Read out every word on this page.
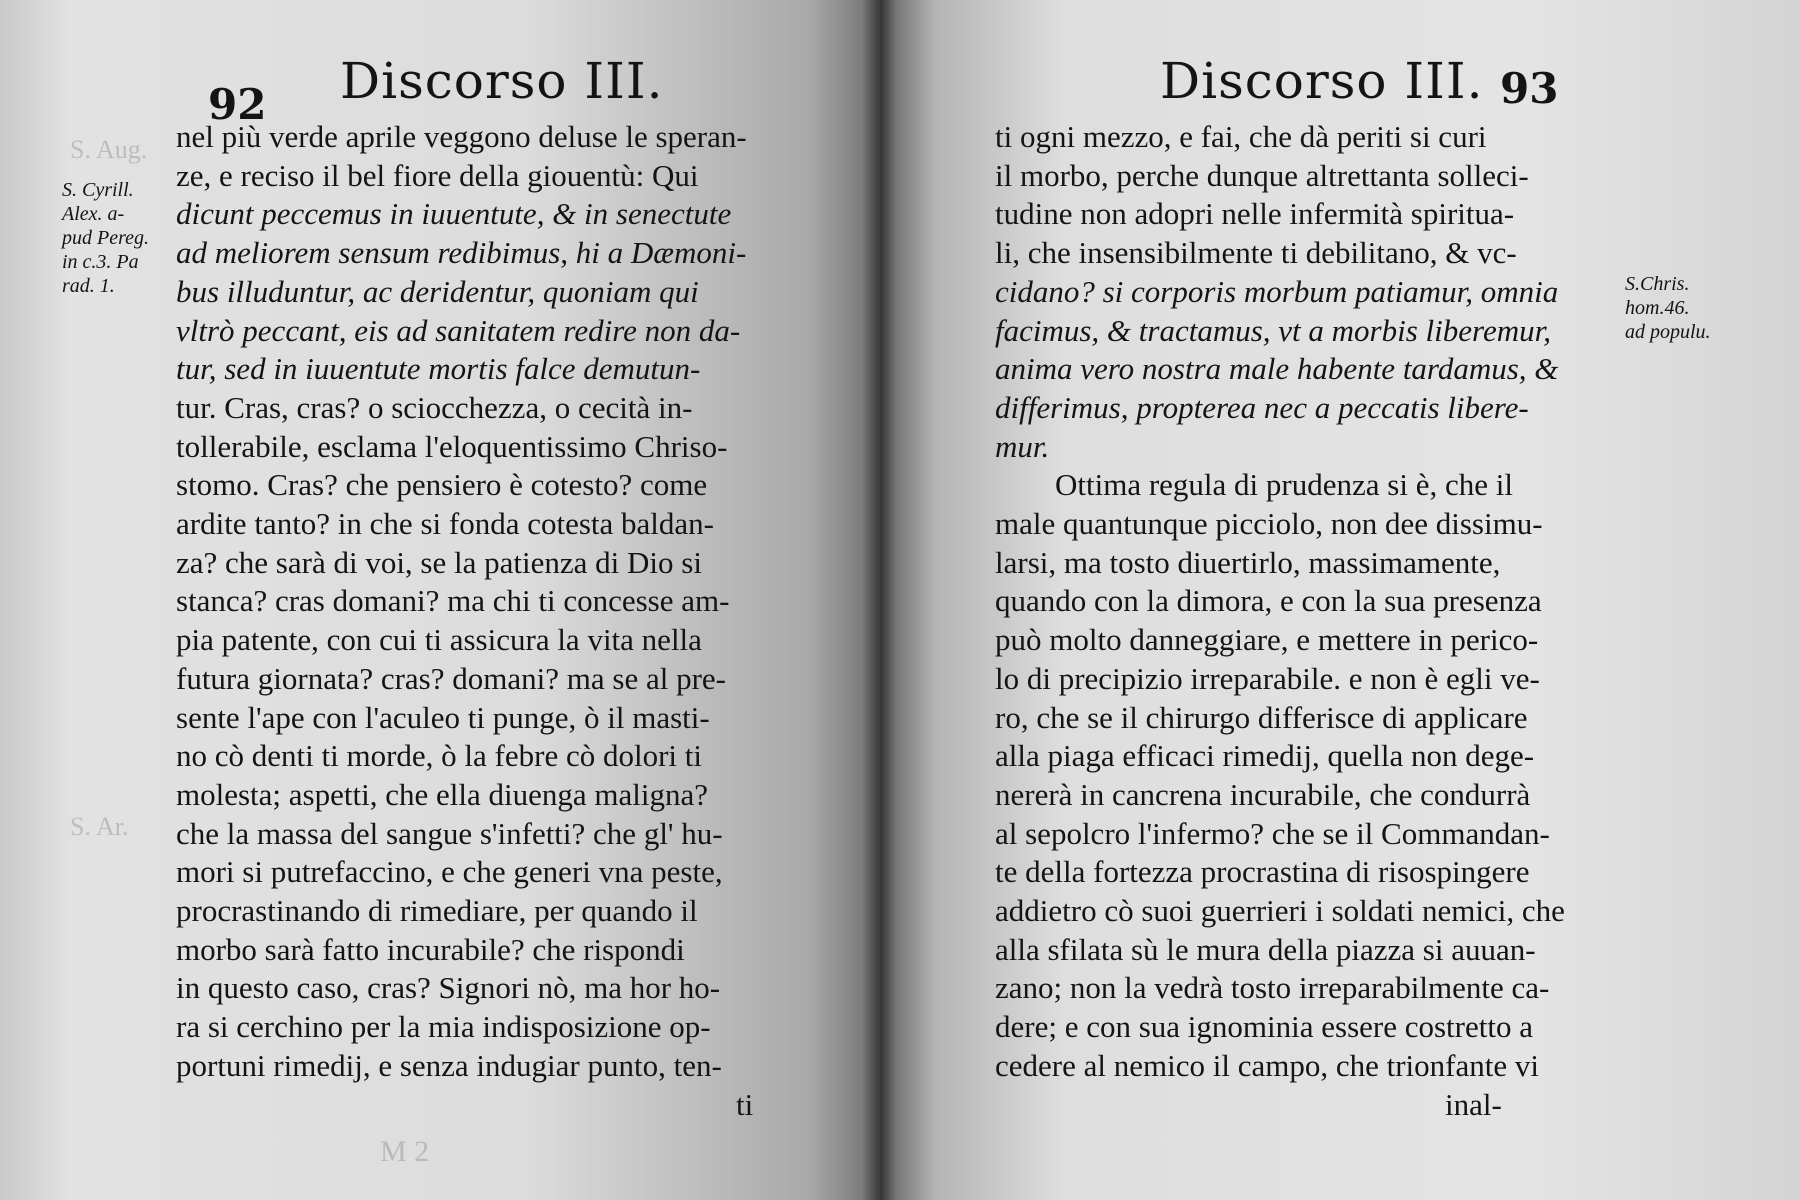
S. Aug.
S. Ar.
92 Discorso III.
S. Cyrill.
Alex. a-
pud Pereg.
in c.3. Pa
rad. 1.
nel più verde aprile veggono deluse le speran-
ze, e reciso il bel fiore della giouentù: Qui
dicunt peccemus in iuuentute, & in senectute
ad meliorem sensum redibimus, hi a Dæmoni-
bus illuduntur, ac deridentur, quoniam qui
vltrò peccant, eis ad sanitatem redire non da-
tur, sed in iuuentute mortis falce demutun-
tur. Cras, cras? o sciocchezza, o cecità in-
tollerabile, esclama l'eloquentissimo Chriso-
stomo. Cras? che pensiero è cotesto? come
ardite tanto? in che si fonda cotesta baldan-
za? che sarà di voi, se la patienza di Dio si
stanca? cras domani? ma chi ti concesse am-
pia patente, con cui ti assicura la vita nella
futura giornata? cras? domani? ma se al pre-
sente l'ape con l'aculeo ti punge, ò il masti-
no cò denti ti morde, ò la febre cò dolori ti
molesta; aspetti, che ella diuenga maligna?
che la massa del sangue s'infetti? che gl' hu-
mori si putrefaccino, e che generi vna peste,
procrastinando di rimediare, per quando il
morbo sarà fatto incurabile? che rispondi
in questo caso, cras? Signori nò, ma hor ho-
ra si cerchino per la mia indisposizione op-
portuni rimedij, e senza indugiar punto, ten-
ti
M 2
Discorso III. 93
S.Chris.
hom.46.
ad populu.
ti ogni mezzo, e fai, che dà periti si curi
il morbo, perche dunque altrettanta solleci-
tudine non adopri nelle infermità spiritua-
li, che insensibilmente ti debilitano, & vc-
cidano? si corporis morbum patiamur, omnia
facimus, & tractamus, vt a morbis liberemur,
anima vero nostra male habente tardamus, &
differimus, propterea nec a peccatis libere-
mur.
Ottima regula di prudenza si è, che il
male quantunque picciolo, non dee dissimu-
larsi, ma tosto diuertirlo, massimamente,
quando con la dimora, e con la sua presenza
può molto danneggiare, e mettere in perico-
lo di precipizio irreparabile. e non è egli ve-
ro, che se il chirurgo differisce di applicare
alla piaga efficaci rimedij, quella non dege-
nererà in cancrena incurabile, che condurrà
al sepolcro l'infermo? che se il Commandan-
te della fortezza procrastina di risospingere
addietro cò suoi guerrieri i soldati nemici, che
alla sfilata sù le mura della piazza si auuan-
zano; non la vedrà tosto irreparabilmente ca-
dere; e con sua ignominia essere costretto a
cedere al nemico il campo, che trionfante vi
inal-
